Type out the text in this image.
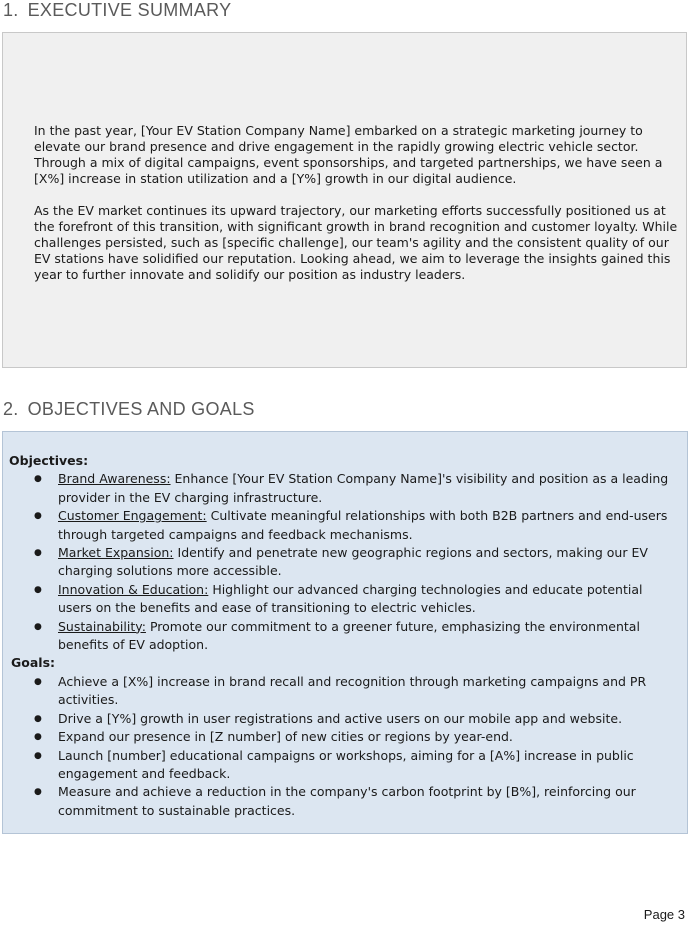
1. EXECUTIVE SUMMARY

In the past year, [Your EV Station Company Name] embarked on a strategic marketing journey to elevate our brand presence and drive engagement in the rapidly growing electric vehicle sector. Through a mix of digital campaigns, event sponsorships, and targeted partnerships, we have seen a [X%] increase in station utilization and a [Y%] growth in our digital audience.

As the EV market continues its upward trajectory, our marketing efforts successfully positioned us at the forefront of this transition, with significant growth in brand recognition and customer loyalty. While challenges persisted, such as [specific challenge], our team's agility and the consistent quality of our EV stations have solidified our reputation. Looking ahead, we aim to leverage the insights gained this year to further innovate and solidify our position as industry leaders.

2. OBJECTIVES AND GOALS

Objectives:

● Brand Awareness: Enhance [Your EV Station Company Name]'s visibility and position as a leading provider in the EV charging infrastructure.
● Customer Engagement: Cultivate meaningful relationships with both B2B partners and end-users through targeted campaigns and feedback mechanisms.
● Market Expansion: Identify and penetrate new geographic regions and sectors, making our EV charging solutions more accessible.
● Innovation & Education: Highlight our advanced charging technologies and educate potential users on the benefits and ease of transitioning to electric vehicles.
● Sustainability: Promote our commitment to a greener future, emphasizing the environmental benefits of EV adoption.

Goals:

● Achieve a [X%] increase in brand recall and recognition through marketing campaigns and PR activities.
● Drive a [Y%] growth in user registrations and active users on our mobile app and website.
● Expand our presence in [Z number] of new cities or regions by year-end.
● Launch [number] educational campaigns or workshops, aiming for a [A%] increase in public engagement and feedback.
● Measure and achieve a reduction in the company's carbon footprint by [B%], reinforcing our commitment to sustainable practices.
Page 3
